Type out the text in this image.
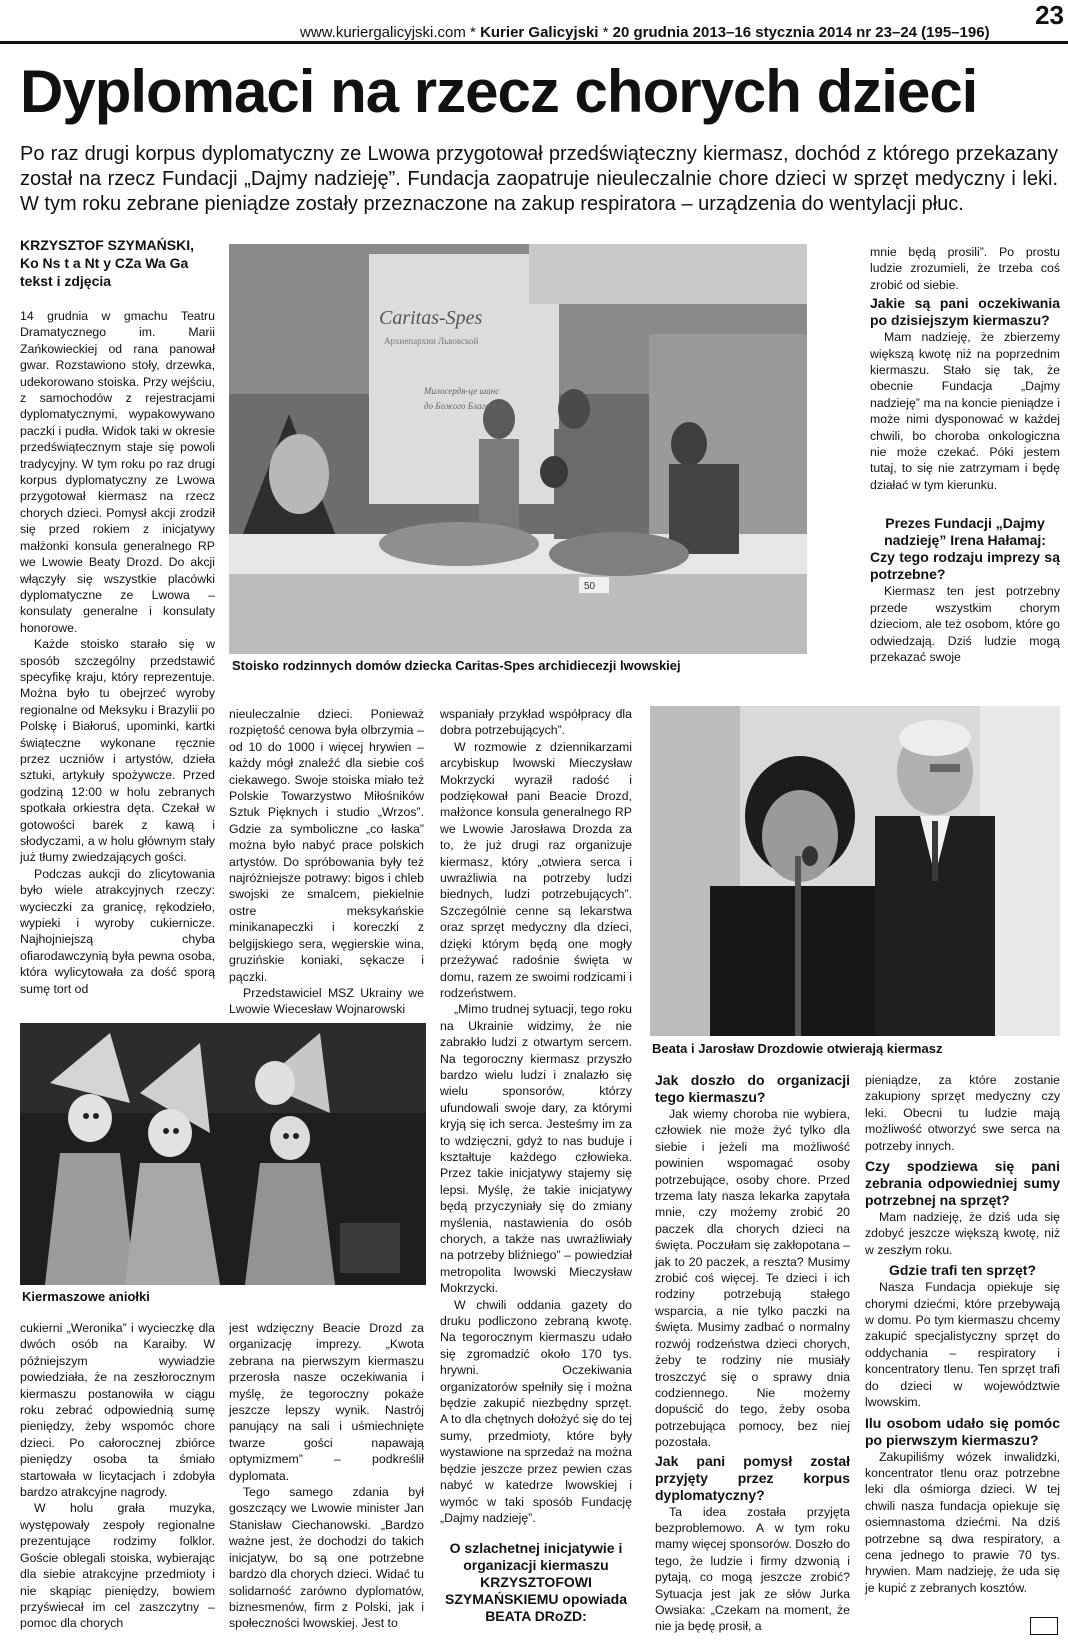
www.kuriergalicyjski.com * Kurier Galicyjski * 20 grudnia 2013–16 stycznia 2014 nr 23–24 (195–196)
23
Dyplomaci na rzecz chorych dzieci

Po raz drugi korpus dyplomatyczny ze Lwowa przygotował przedświąteczny kiermasz, dochód z którego przekazany został na rzecz Fundacji „Dajmy nadzieję”. Fundacja zaopatruje nieuleczalnie chore dzieci w sprzęt medyczny i leki. W tym roku zebrane pieniądze zostały przeznaczone na zakup respiratora – urządzenia do wentylacji płuc.

KRZYSZTOF SZYMAŃSKI,
Ko Ns t a Nt y CZa Wa Ga
tekst i zdjęcia

14 grudnia w gmachu Teatru Dramatycznego im. Marii Zańkowieckiej od rana panował gwar. Rozstawiono stoły, drzewka, udekorowano stoiska. Przy wejściu, z samochodów z rejestracjami dyplomatycznymi, wypakowywano paczki i pudła. Widok taki w okresie przedświątecznym staje się powoli tradycyjny. W tym roku po raz drugi korpus dyplomatyczny ze Lwowa przygotował kiermasz na rzecz chorych dzieci. Pomysł akcji zrodził się przed rokiem z inicjatywy małżonki konsula generalnego RP we Lwowie Beaty Drozd. Do akcji włączyły się wszystkie placówki dyplomatyczne ze Lwowa – konsulaty generalne i konsulaty honorowe.

Każde stoisko starało się w sposób szczególny przedstawić specyfikę kraju, który reprezentuje. Można było tu obejrzeć wyroby regionalne od Meksyku i Brazylii po Polskę i Białoruś, upominki, kartki świąteczne wykonane ręcznie przez uczniów i artystów, dzieła sztuki, artykuły spożywcze. Przed godziną 12:00 w holu zebranych spotkała orkiestra dęta. Czekał w gotowości barek z kawą i słodyczami, a w holu głównym stały już tłumy zwiedzających gości.

Podczas aukcji do zlicytowania było wiele atrakcyjnych rzeczy: wycieczki za granicę, rękodzieło, wypieki i wyroby cukiernicze. Najhojniejszą chyba ofiarodawczynią była pewna osoba, która wylicytowała za dość sporą sumę tort od

Caritas-Spes
Архиепархии Львовской
Милосердя-це шанс
до Божого Блага у А
50
Stoisko rodzinnych domów dziecka Caritas-Spes archidiecezji lwowskiej

mnie będą prosili”. Po prostu ludzie zrozumieli, że trzeba coś zrobić od siebie.

Jakie są pani oczekiwania po dzisiejszym kiermaszu?

Mam nadzieję, że zbierzemy większą kwotę niż na poprzednim kiermaszu. Stało się tak, że obecnie Fundacja „Dajmy nadzieję” ma na koncie pieniądze i może nimi dysponować w każdej chwili, bo choroba onkologiczna nie może czekać. Póki jestem tutaj, to się nie zatrzymam i będę działać w tym kierunku.

Prezes Fundacji „Dajmy nadzieję” Irena Hałamaj:
Czy tego rodzaju imprezy są potrzebne?

Kiermasz ten jest potrzebny przede wszystkim chorym dzieciom, ale też osobom, które go odwiedzają. Dziś ludzie mogą przekazać swoje

nieuleczalnie dzieci. Ponieważ rozpiętość cenowa była olbrzymia – od 10 do 1000 i więcej hrywien – każdy mógł znaleźć dla siebie coś ciekawego. Swoje stoiska miało też Polskie Towarzystwo Miłośników Sztuk Pięknych i studio „Wrzos”. Gdzie za symboliczne „co łaska” można było nabyć prace polskich artystów. Do spróbowania były też najróżniejsze potrawy: bigos i chleb swojski ze smalcem, piekielnie ostre meksykańskie minikanapeczki i koreczki z belgijskiego sera, węgierskie wina, gruzińskie koniaki, sękacze i pączki.

Przedstawiciel MSZ Ukrainy we Lwowie Wiecesław Wojnarowski

wspaniały przykład współpracy dla dobra potrzebujących”.

W rozmowie z dziennikarzami arcybiskup lwowski Mieczysław Mokrzycki wyraził radość i podziękował pani Beacie Drozd, małżonce konsula generalnego RP we Lwowie Jarosława Drozda za to, że już drugi raz organizuje kiermasz, który „otwiera serca i uwrażliwia na potrzeby ludzi biednych, ludzi potrzebujących”. Szczególnie cenne są lekarstwa oraz sprzęt medyczny dla dzieci, dzięki którym będą one mogły przeżywać radośnie święta w domu, razem ze swoimi rodzicami i rodzeństwem.

„Mimo trudnej sytuacji, tego roku na Ukrainie widzimy, że nie zabrakło ludzi z otwartym sercem. Na tegoroczny kiermasz przyszło bardzo wielu ludzi i znalazło się wielu sponsorów, którzy ufundowali swoje dary, za którymi kryją się ich serca. Jesteśmy im za to wdzięczni, gdyż to nas buduje i kształtuje każdego człowieka. Przez takie inicjatywy stajemy się lepsi. Myślę, że takie inicjatywy będą przyczyniały się do zmiany myślenia, nastawienia do osób chorych, a także nas uwrażliwiały na potrzeby bliźniego” – powiedział metropolita lwowski Mieczysław Mokrzycki.

W chwili oddania gazety do druku podliczono zebraną kwotę. Na tegorocznym kiermaszu udało się zgromadzić około 170 tys. hrywni. Oczekiwania organizatorów spełniły się i można będzie zakupić niezbędny sprzęt. A to dla chętnych dołożyć się do tej sumy, przedmioty, które były wystawione na sprzedaż na można będzie jeszcze przez pewien czas nabyć w katedrze lwowskiej i wymóc w taki sposób Fundację „Dajmy nadzieję”.

O szlachetnej inicjatywie i organizacji kiermaszu KRZYSZTOFOWI SZYMAŃSKIEMU opowiada BEATA DRoZD:
Beata i Jarosław Drozdowie otwierają kiermasz
Kiermaszowe aniołki

cukierni „Weronika” i wycieczkę dla dwóch osób na Karaiby. W późniejszym wywiadzie powiedziała, że na zeszłorocznym kiermaszu postanowiła w ciągu roku zebrać odpowiednią sumę pieniędzy, żeby wspomóc chore dzieci. Po całorocznej zbiórce pieniędzy osoba ta śmiało startowała w licytacjach i zdobyła bardzo atrakcyjne nagrody.

W holu grała muzyka, występowały zespoły regionalne prezentujące rodzimy folklor. Goście oblegali stoiska, wybierając dla siebie atrakcyjne przedmioty i nie skąpiąc pieniędzy, bowiem przyświecał im cel zaszczytny – pomoc dla chorych

jest wdzięczny Beacie Drozd za organizację imprezy. „Kwota zebrana na pierwszym kiermaszu przerosła nasze oczekiwania i myślę, że tegoroczny pokaże jeszcze lepszy wynik. Nastrój panujący na sali i uśmiechnięte twarze gości napawają optymizmem” – podkreślił dyplomata.

Tego samego zdania był goszczący we Lwowie minister Jan Stanisław Ciechanowski. „Bardzo ważne jest, że dochodzi do takich inicjatyw, bo są one potrzebne bardzo dla chorych dzieci. Widać tu solidarność zarówno dyplomatów, biznesmenów, firm z Polski, jak i społeczności lwowskiej. Jest to

Jak doszło do organizacji tego kiermaszu?

Jak wiemy choroba nie wybiera, człowiek nie może żyć tylko dla siebie i jeżeli ma możliwość powinien wspomagać osoby potrzebujące, osoby chore. Przed trzema laty nasza lekarka zapytała mnie, czy możemy zrobić 20 paczek dla chorych dzieci na święta. Poczułam się zakłopotana – jak to 20 paczek, a reszta? Musimy zrobić coś więcej. Te dzieci i ich rodziny potrzebują stałego wsparcia, a nie tylko paczki na święta. Musimy zadbać o normalny rozwój rodzeństwa dzieci chorych, żeby te rodziny nie musiały troszczyć się o sprawy dnia codziennego. Nie możemy dopuścić do tego, żeby osoba potrzebująca pomocy, bez niej pozostała.

Jak pani pomysł został przyjęty przez korpus dyplomatyczny?

Ta idea została przyjęta bezproblemowo. A w tym roku mamy więcej sponsorów. Doszło do tego, że ludzie i firmy dzwonią i pytają, co mogą jeszcze zrobić? Sytuacja jest jak ze słów Jurka Owsiaka: „Czekam na moment, że nie ja będę prosił, a

pieniądze, za które zostanie zakupiony sprzęt medyczny czy leki. Obecni tu ludzie mają możliwość otworzyć swe serca na potrzeby innych.

Czy spodziewa się pani zebrania odpowiedniej sumy potrzebnej na sprzęt?

Mam nadzieję, że dziś uda się zdobyć jeszcze większą kwotę, niż w zeszłym roku.

Gdzie trafi ten sprzęt?

Nasza Fundacja opiekuje się chorymi dziećmi, które przebywają w domu. Po tym kiermaszu chcemy zakupić specjalistyczny sprzęt do oddychania – respiratory i koncentratory tlenu. Ten sprzęt trafi do dzieci w województwie lwowskim.

Ilu osobom udało się pomóc po pierwszym kiermaszu?

Zakupiliśmy wózek inwalidzki, koncentrator tlenu oraz potrzebne leki dla ośmiorga dzieci. W tej chwili nasza fundacja opiekuje się osiemnastoma dziećmi. Na dziś potrzebne są dwa respiratory, a cena jednego to prawie 70 tys. hrywien. Mam nadzieję, że uda się je kupić z zebranych kosztów.
